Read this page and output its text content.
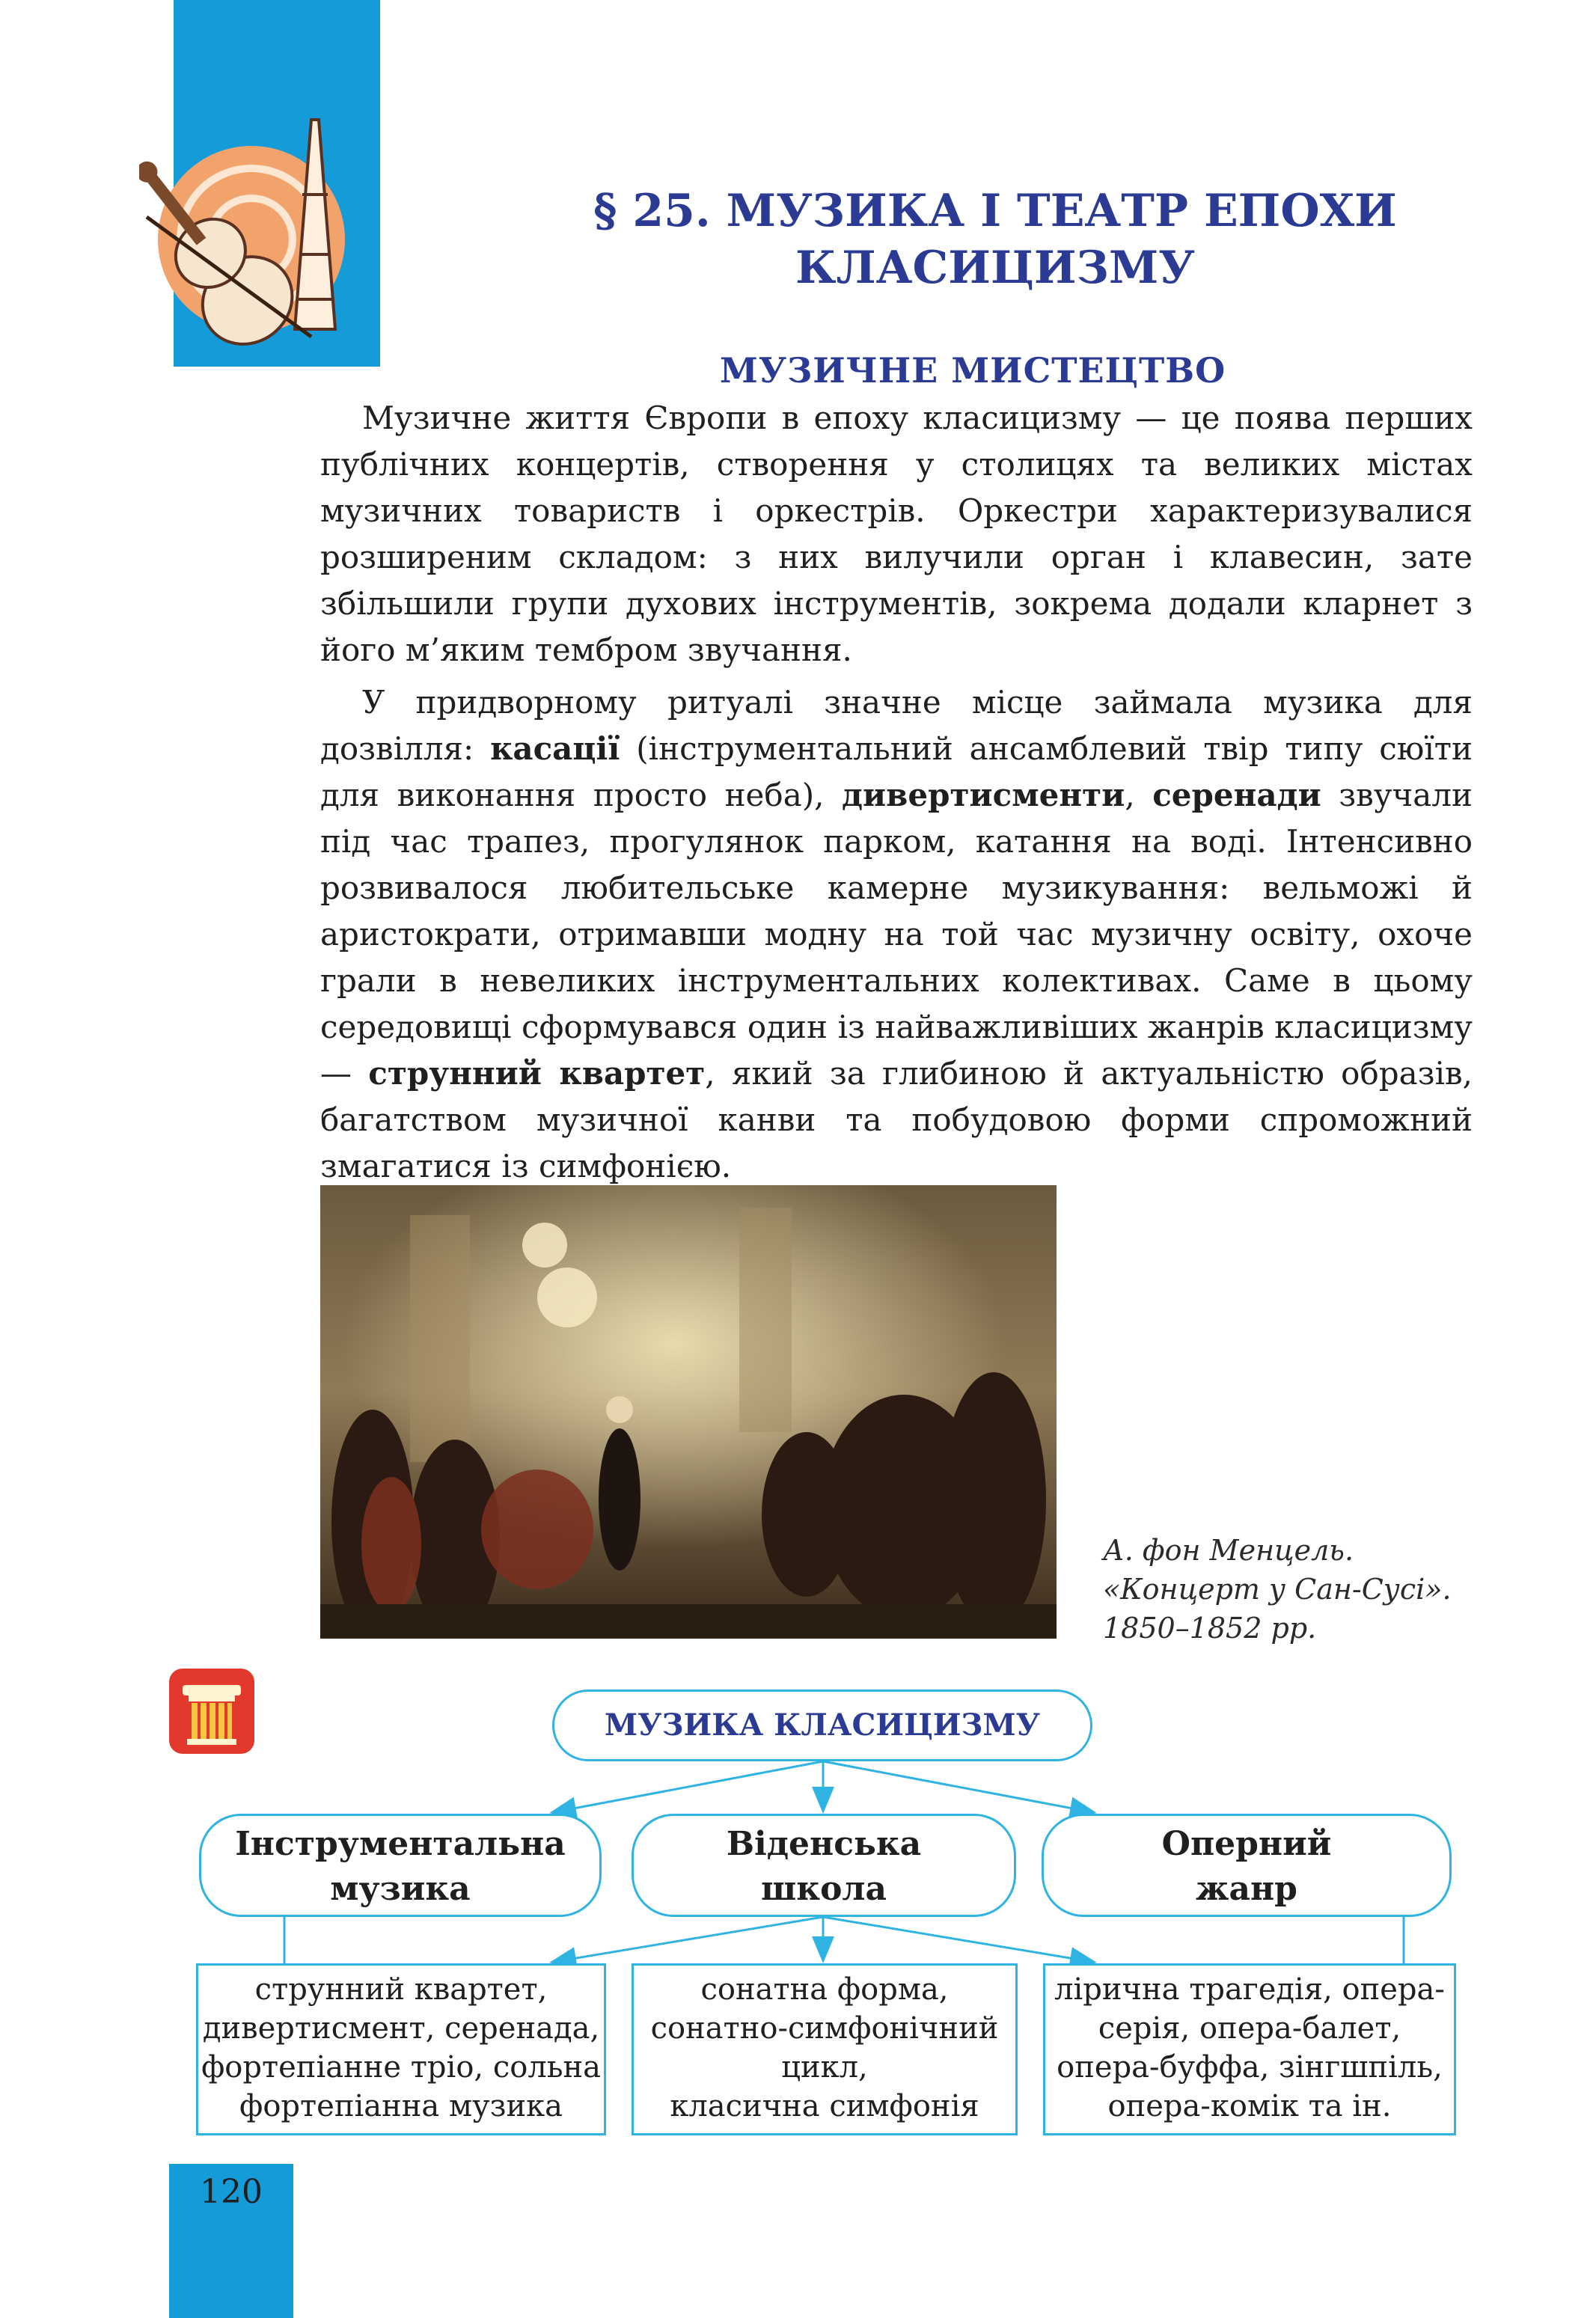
§ 25. МУЗИКА І ТЕАТР ЕПОХИ
КЛАСИЦИЗМУ
МУЗИЧНЕ МИСТЕЦТВО

Музичне життя Європи в епоху класицизму — це поява перших публічних концертів, створення у столицях та великих містах музичних товариств і оркестрів. Оркестри характеризувалися розширеним складом: з них вилучили орган і клавесин, зате збільшили групи духових інструментів, зокрема додали кларнет з його м’яким тембром звучання.

У придворному ритуалі значне місце займала музика для дозвілля: касації (інструментальний ансамблевий твір типу сюїти для виконання просто неба), дивертисменти, серенади звучали під час трапез, прогулянок парком, катання на воді. Інтенсивно розвивалося любительське камерне музикування: вельможі й аристократи, отримавши модну на той час музичну освіту, охоче грали в невеликих інструментальних колективах. Саме в цьому середовищі сформувався один із найважливіших жанрів класицизму — струнний квартет, який за глибиною й актуальністю образів, багатством музичної канви та побудовою форми спроможний змагатися із симфонією.

А. фон Менцель.
«Концерт у Сан-Сусі».
1850–1852 рр.
МУЗИКА КЛАСИЦИЗМУ
Інструментальна
музика
Віденська
школа
Оперний
жанр
струнний квартет,
дивертисмент, серенада,
фортепіанне тріо, сольна
фортепіанна музика
сонатна форма,
сонатно-симфонічний
цикл,
класична симфонія
лірична трагедія, опера-
серія, опера-балет,
опера-буффа, зінгшпіль,
опера-комік та ін.
120
